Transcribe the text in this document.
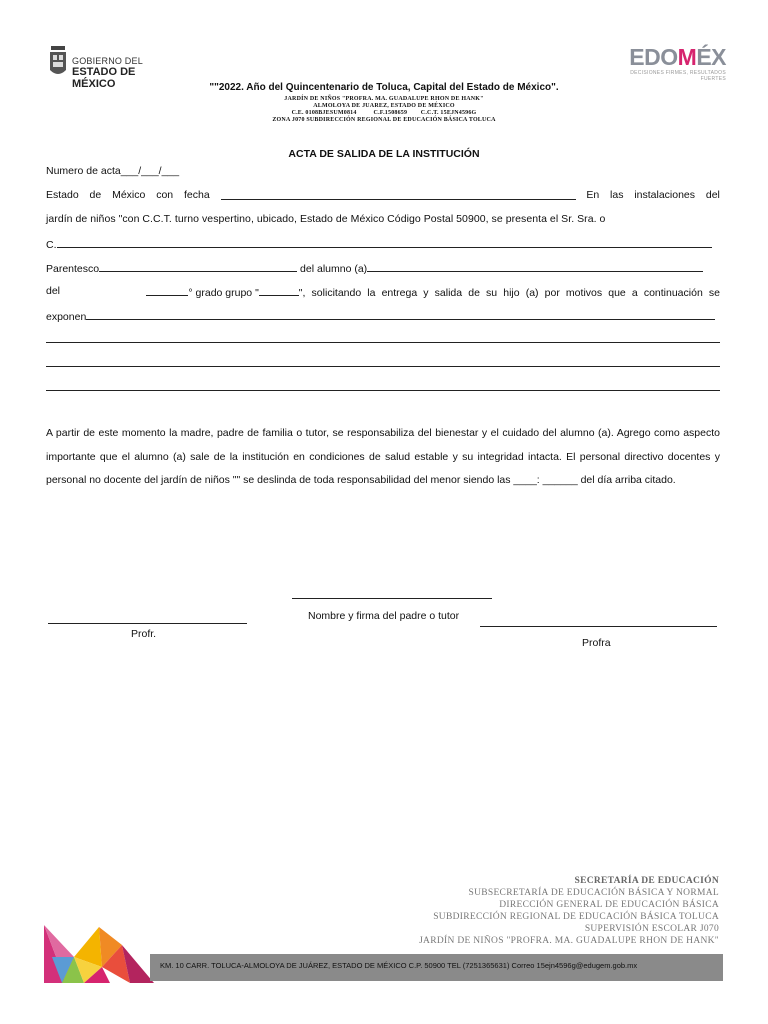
GOBIERNO DEL
ESTADO DE MÉXICO
EDOMÉX
DECISIONES FIRMES, RESULTADOS FUERTES
""2022. Año del Quincentenario de Toluca, Capital del Estado de México".
JARDÍN DE NIÑOS "PROFRA. MA. GUADALUPE RHON DE HANK"
ALMOLOYA DE JUAREZ, ESTADO DE MÉXICO
C.E. 0108BJESUM0814          C.F.1508659        C.C.T. 15EJN4596G
ZONA J070 SUBDIRECCIÓN REGIONAL DE EDUCACIÓN BÁSICA TOLUCA
ACTA DE SALIDA DE LA INSTITUCIÓN
Numero de acta___/___/___
Estado de México con fecha	En las instalaciones del
jardín de niños "con C.C.T. turno vespertino, ubicado, Estado de México Código Postal 50900, se presenta el Sr. Sra. o
C.
Parentesco	del alumno (a)
del	° grado grupo "	", solicitando la entrega y salida de su hijo (a) por motivos que a continuación se
exponen
A partir de este momento la madre, padre de familia o tutor, se responsabiliza del bienestar y el cuidado del alumno (a). Agrego como aspecto importante que el alumno (a) sale de la institución en condiciones de salud estable y su integridad intacta. El personal directivo docentes y personal no docente del jardín de niños "" se deslinda de toda responsabilidad del menor siendo las ____: ______ del día arriba citado.
Nombre y firma del padre o tutor
Profr.
Profra
SECRETARÍA DE EDUCACIÓN
SUBSECRETARÍA DE EDUCACIÓN BÁSICA Y NORMAL
DIRECCIÓN GENERAL DE EDUCACIÓN BÁSICA
SUBDIRECCIÓN REGIONAL DE EDUCACIÓN BÁSICA TOLUCA
SUPERVISIÓN ESCOLAR J070
JARDÍN DE NIÑOS "PROFRA. MA. GUADALUPE RHON DE HANK"
KM. 10 CARR. TOLUCA-ALMOLOYA DE JUÁREZ, ESTADO DE MÉXICO C.P. 50900 TEL (7251365631) Correo 15ejn4596g@edugem.gob.mx
